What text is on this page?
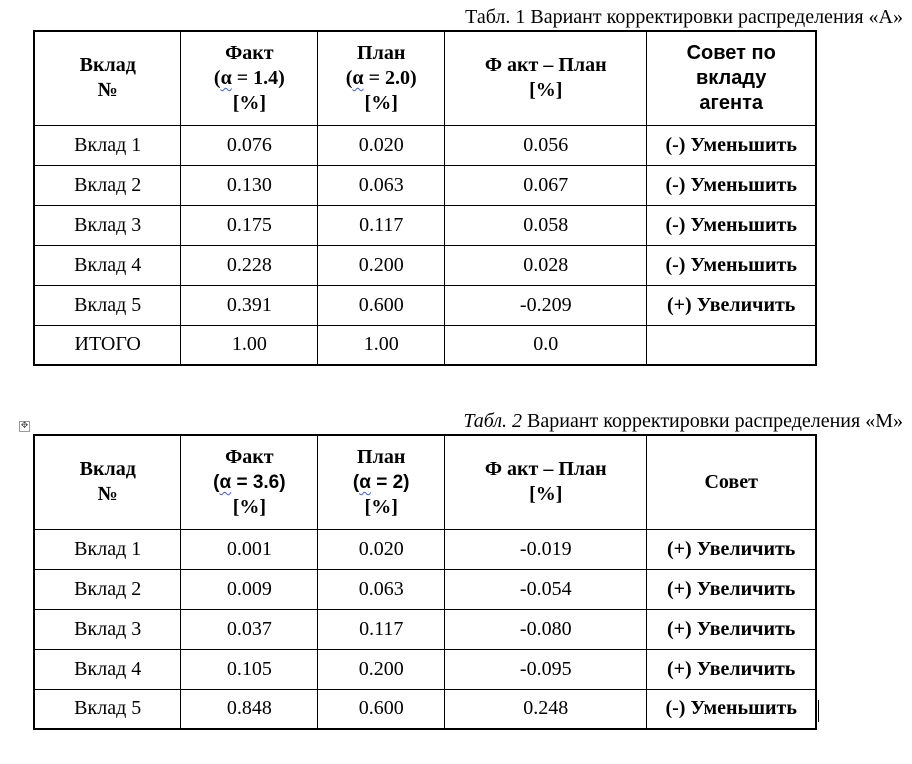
Табл. 1 Вариант корректировки распределения «А»
Вклад
№	Факт
(α = 1.4)
[%]	План
(α = 2.0)
[%]	Ф акт – План
[%]	Совет по
вкладу
агента
Вклад 1	0.076	0.020	0.056	(-) Уменьшить
Вклад 2	0.130	0.063	0.067	(-) Уменьшить
Вклад 3	0.175	0.117	0.058	(-) Уменьшить
Вклад 4	0.228	0.200	0.028	(-) Уменьшить
Вклад 5	0.391	0.600	-0.209	(+) Увеличить
ИТОГО	1.00	1.00	0.0	
✥	Табл. 2 Вариант корректировки распределения «М»
Вклад
№	Факт
(α = 3.6)
[%]	План
(α = 2)
[%]	Ф акт – План
[%]	Совет
Вклад 1	0.001	0.020	-0.019	(+) Увеличить
Вклад 2	0.009	0.063	-0.054	(+) Увеличить
Вклад 3	0.037	0.117	-0.080	(+) Увеличить
Вклад 4	0.105	0.200	-0.095	(+) Увеличить
Вклад 5	0.848	0.600	0.248	(-) Уменьшить
